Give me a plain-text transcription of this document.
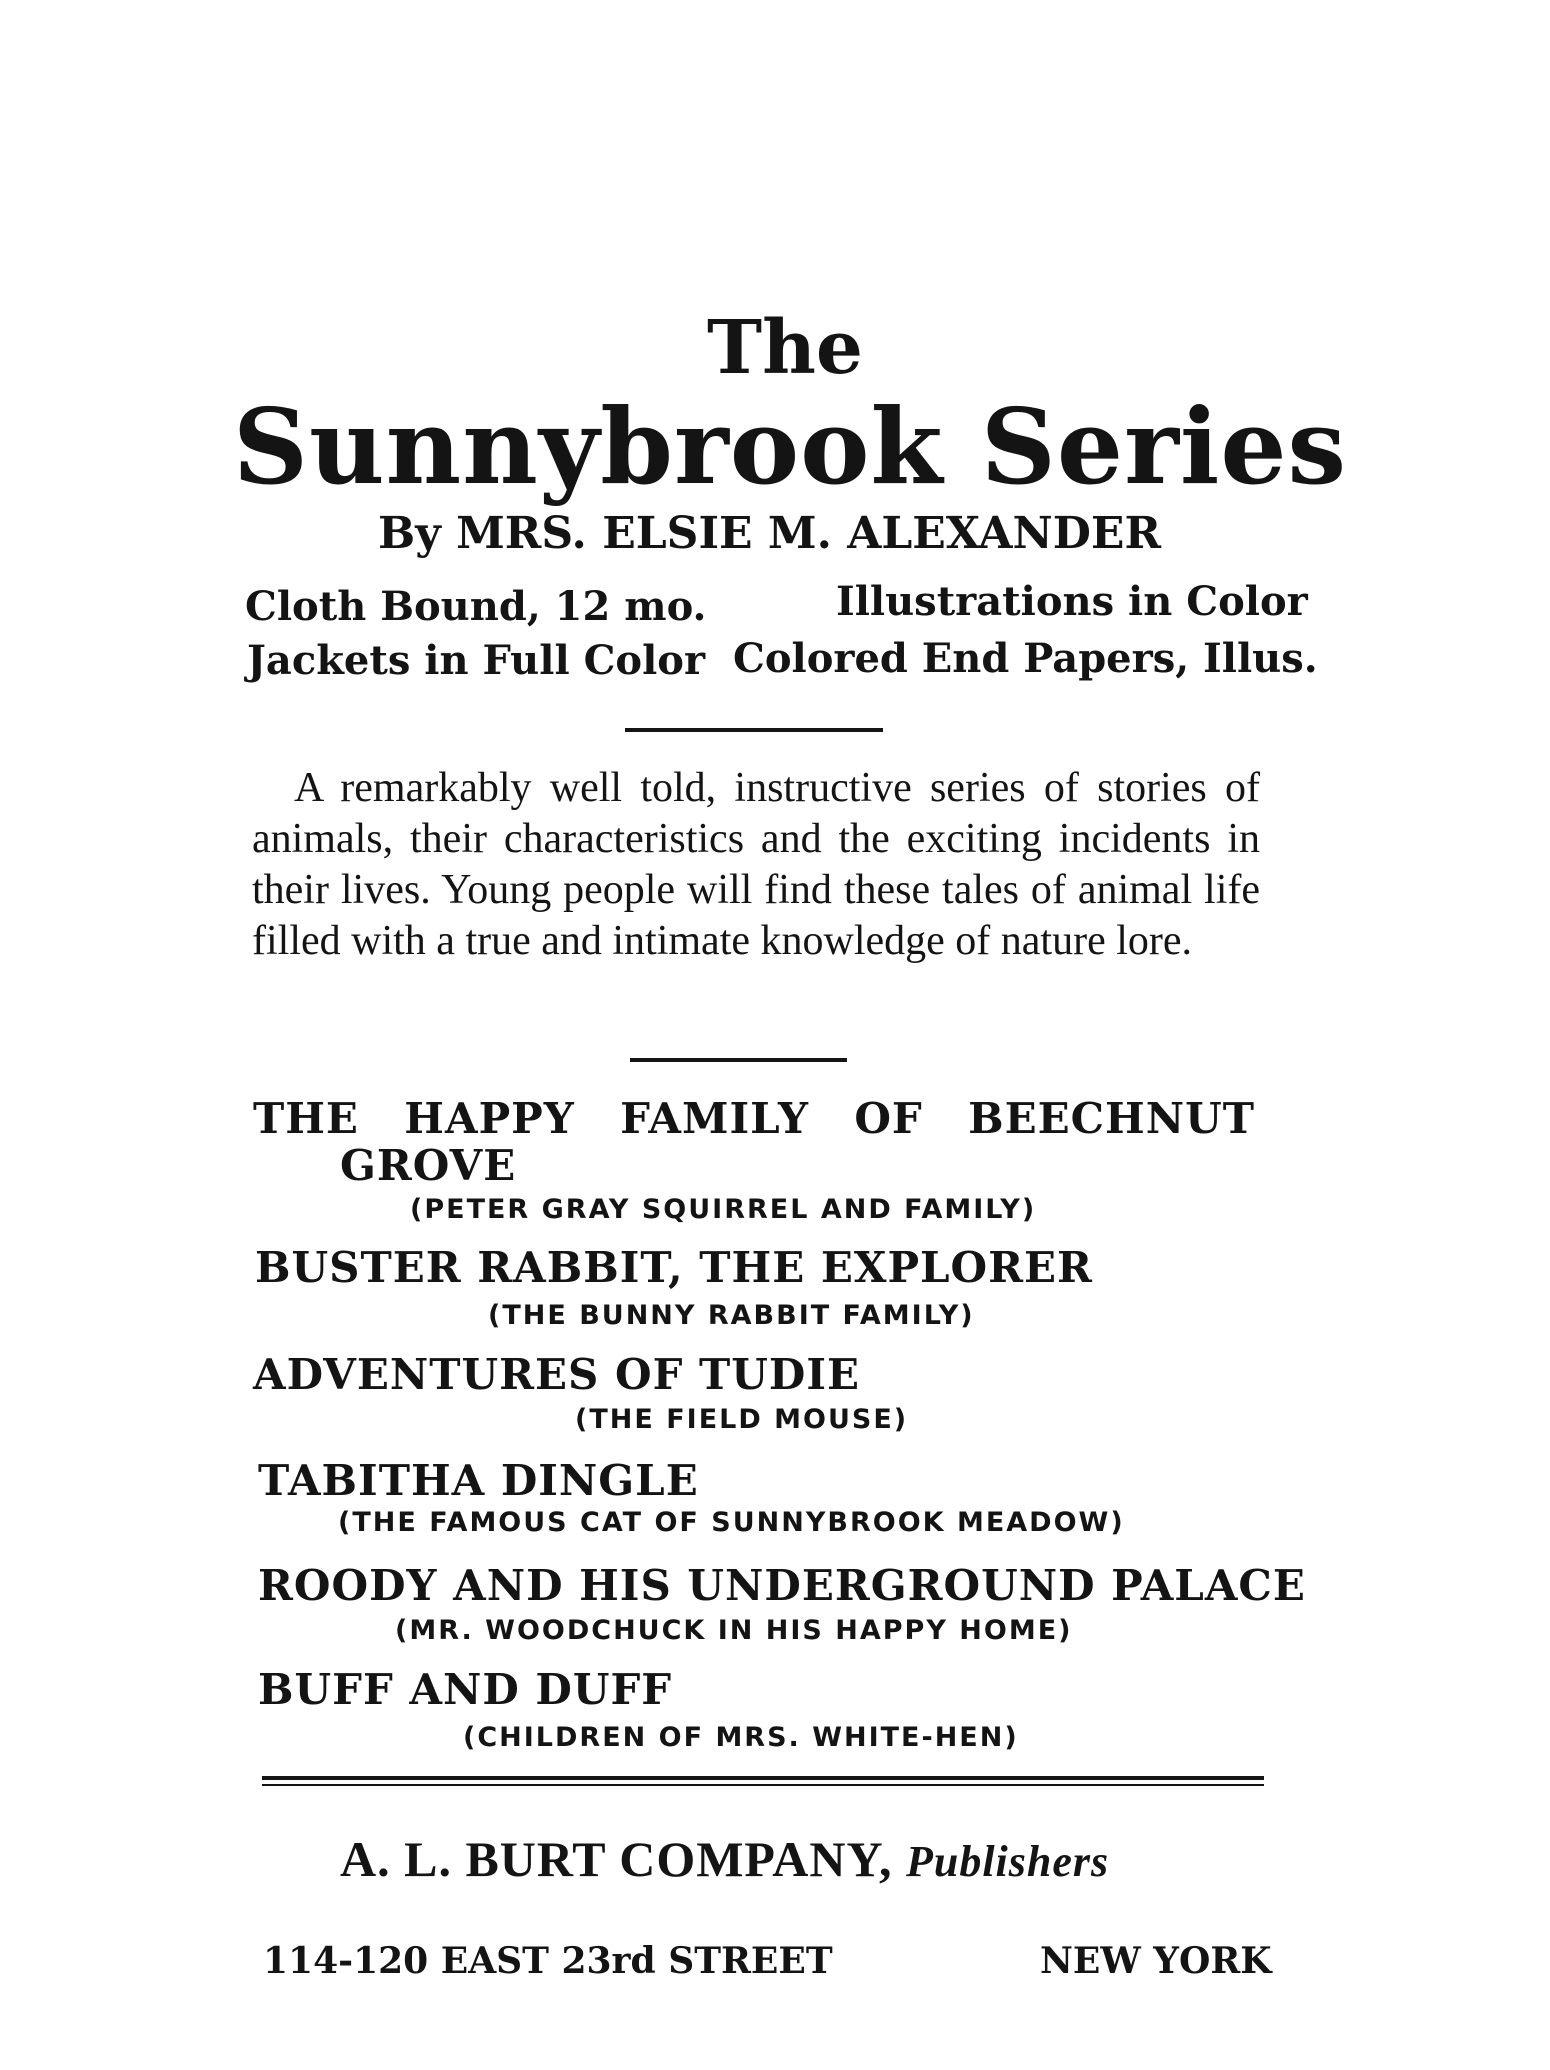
The
Sunnybrook Series
By MRS. ELSIE M. ALEXANDER
Cloth Bound, 12 mo.	Illustrations in Color
Jackets in Full Color Colored End Papers, Illus.
A remarkably well told, instructive series of stories of animals, their characteristics and the exciting incidents in their lives. Young people will find these tales of animal life filled with a true and intimate knowledge of nature lore.
THE HAPPY FAMILY OF BEECHNUT
GROVE
(PETER GRAY SQUIRREL AND FAMILY)
BUSTER RABBIT, THE EXPLORER
(THE BUNNY RABBIT FAMILY)
ADVENTURES OF TUDIE
(THE FIELD MOUSE)
TABITHA DINGLE
(THE FAMOUS CAT OF SUNNYBROOK MEADOW)
ROODY AND HIS UNDERGROUND PALACE
(MR. WOODCHUCK IN HIS HAPPY HOME)
BUFF AND DUFF
(CHILDREN OF MRS. WHITE-HEN)
A. L. BURT COMPANY, Publishers
114-120 EAST 23rd STREET	NEW YORK
